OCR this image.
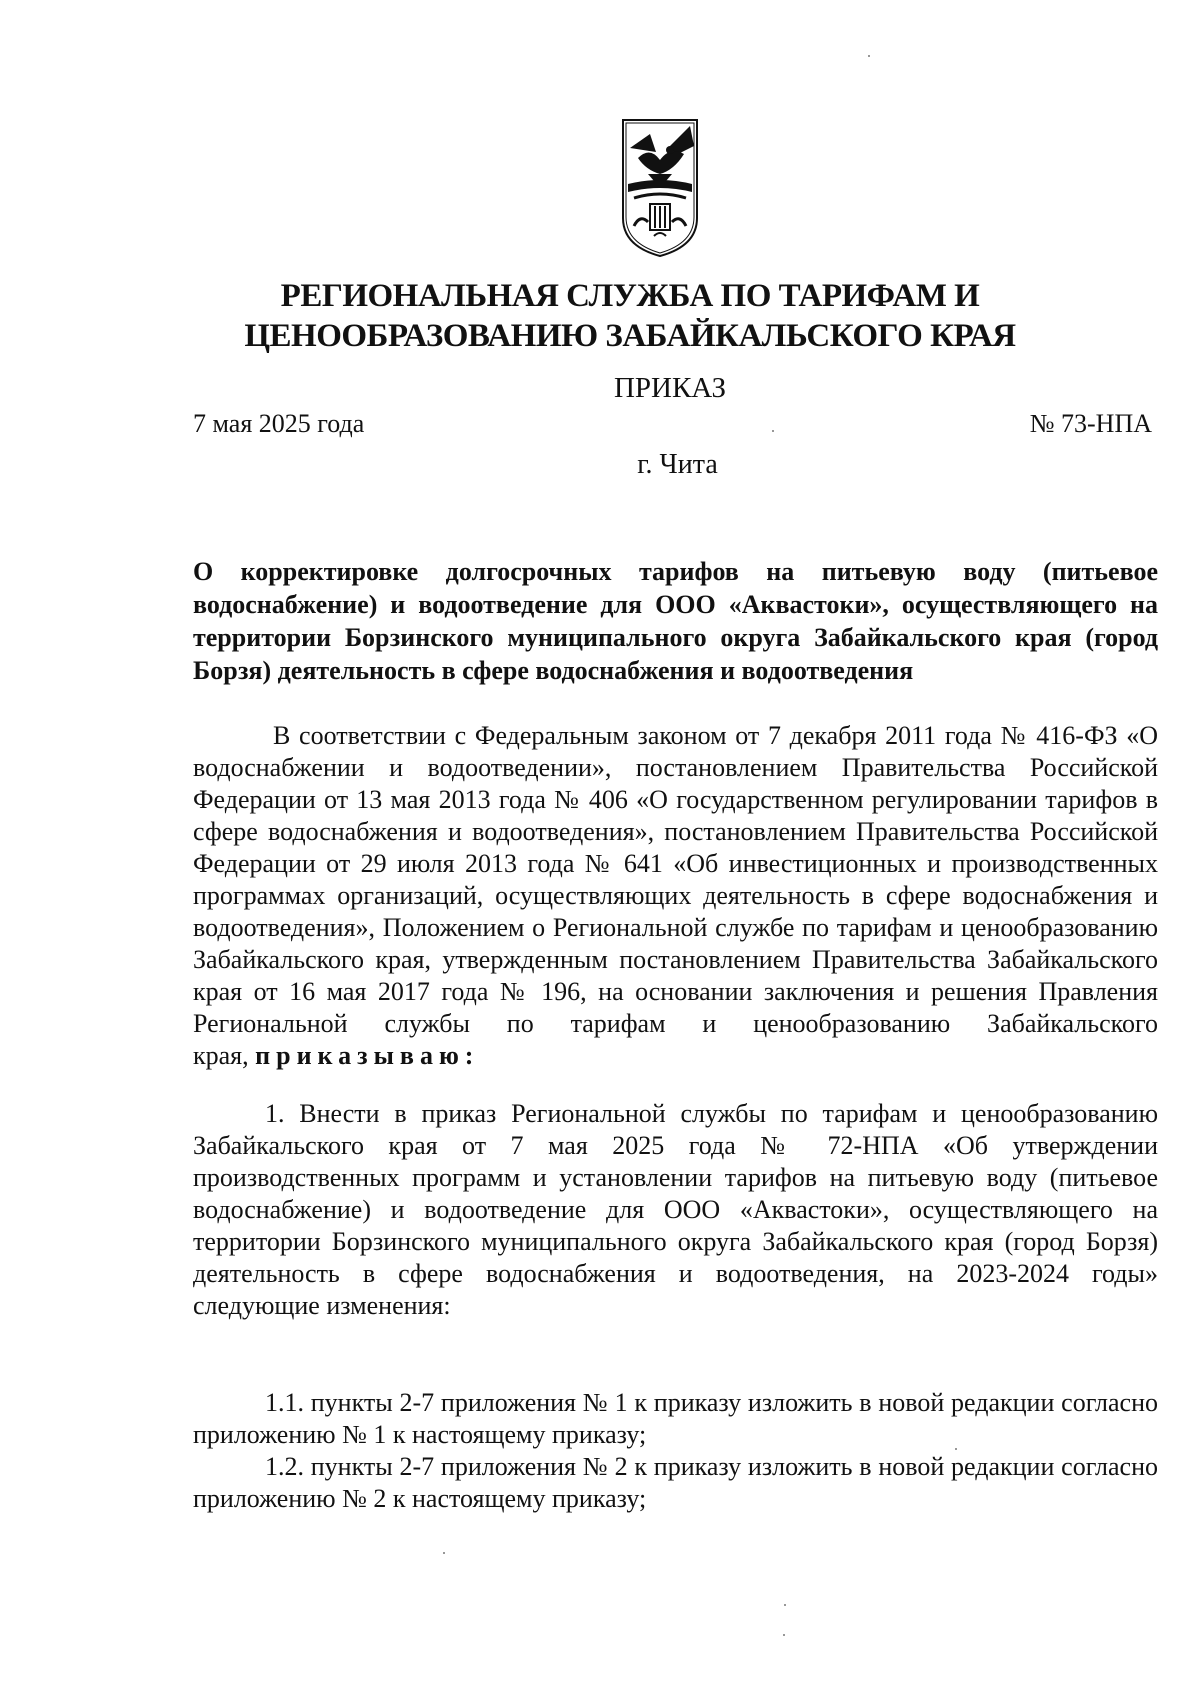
РЕГИОНАЛЬНАЯ СЛУЖБА ПО ТАРИФАМ И
ЦЕНООБРАЗОВАНИЮ ЗАБАЙКАЛЬСКОГО КРАЯ
ПРИКАЗ
7 мая 2025 года	№ 73-НПА
г. Чита
О корректировке долгосрочных тарифов на питьевую воду (питьевое водоснабжение) и водоотведение для ООО «Аквастоки», осуществляющего на территории Борзинского муниципального округа Забайкальского края (город Борзя) деятельность в сфере водоснабжения и водоотведения

В соответствии с Федеральным законом от 7 декабря 2011 года № 416-ФЗ «О водоснабжении и водоотведении», постановлением Правительства Российской Федерации от 13 мая 2013 года № 406 «О государственном регулировании тарифов в сфере водоснабжения и водоотведения», постановлением Правительства Российской Федерации от 29 июля 2013 года № 641 «Об инвестиционных и производственных программах организаций, осуществляющих деятельность в сфере водоснабжения и водоотведения», Положением о Региональной службе по тарифам и ценообразованию Забайкальского края, утвержденным постановлением Правительства Забайкальского края от 16 мая 2017 года № 196, на основании заключения и решения Правления Региональной службы по тарифам и ценообразованию Забайкальского края, приказываю:

1. Внести в приказ Региональной службы по тарифам и ценообразованию Забайкальского края от 7 мая 2025 года № 72-НПА «Об утверждении производственных программ и установлении тарифов на питьевую воду (питьевое водоснабжение) и водоотведение для ООО «Аквастоки», осуществляющего на территории Борзинского муниципального округа Забайкальского края (город Борзя) деятельность в сфере водоснабжения и водоотведения, на 2023-2024 годы» следующие изменения:

1.1. пункты 2-7 приложения № 1 к приказу изложить в новой редакции согласно приложению № 1 к настоящему приказу;

1.2. пункты 2-7 приложения № 2 к приказу изложить в новой редакции согласно приложению № 2 к настоящему приказу;
